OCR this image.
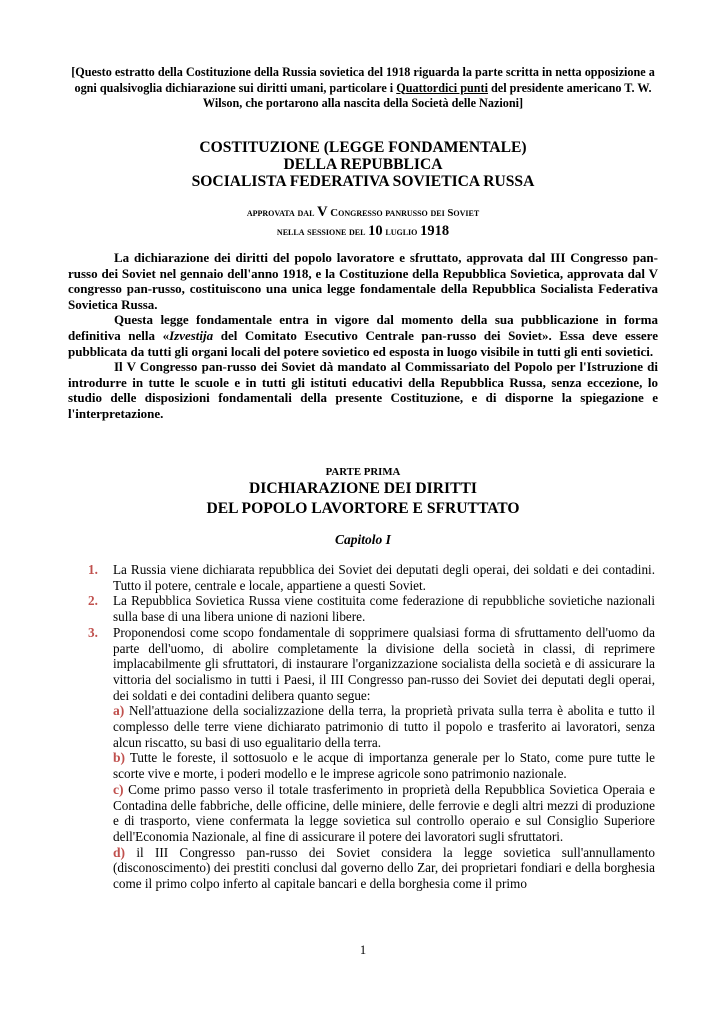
[Questo estratto della Costituzione della Russia sovietica del 1918 riguarda la parte scritta in netta opposizione a ogni qualsivoglia dichiarazione sui diritti umani, particolare i Quattordici punti del presidente americano T. W. Wilson, che portarono alla nascita della Società delle Nazioni]
COSTITUZIONE (LEGGE FONDAMENTALE)
DELLA REPUBBLICA
SOCIALISTA FEDERATIVA SOVIETICA RUSSA
approvata dal V Congresso panrusso dei Soviet
nella sessione del 10 luglio 1918

La dichiarazione dei diritti del popolo lavoratore e sfruttato, approvata dal III Congresso pan-russo dei Soviet nel gennaio dell'anno 1918, e la Costituzione della Repubblica Sovietica, approvata dal V congresso pan-russo, costituiscono una unica legge fondamentale della Repubblica Socialista Federativa Sovietica Russa.

Questa legge fondamentale entra in vigore dal momento della sua pubblicazione in forma definitiva nella «Izvestija del Comitato Esecutivo Centrale pan-russo dei Soviet». Essa deve essere pubblicata da tutti gli organi locali del potere sovietico ed esposta in luogo visibile in tutti gli enti sovietici.

Il V Congresso pan-russo dei Soviet dà mandato al Commissariato del Popolo per l'Istruzione di introdurre in tutte le scuole e in tutti gli istituti educativi della Repubblica Russa, senza eccezione, lo studio delle disposizioni fondamentali della presente Costituzione, e di disporne la spiegazione e l'interpretazione.

PARTE PRIMA
DICHIARAZIONE DEI DIRITTI
DEL POPOLO LAVORTORE E SFRUTTATO
Capitolo I
1. La Russia viene dichiarata repubblica dei Soviet dei deputati degli operai, dei soldati e dei contadini. Tutto il potere, centrale e locale, appartiene a questi Soviet.
2. La Repubblica Sovietica Russa viene costituita come federazione di repubbliche sovietiche nazionali sulla base di una libera unione di nazioni libere.
3. Proponendosi come scopo fondamentale di sopprimere qualsiasi forma di sfruttamento dell'uomo da parte dell'uomo, di abolire completamente la divisione della società in classi, di reprimere implacabilmente gli sfruttatori, di instaurare l'organizzazione socialista della società e di assicurare la vittoria del socialismo in tutti i Paesi, il III Congresso pan-russo dei Soviet dei deputati degli operai, dei soldati e dei contadini delibera quanto segue:

a) Nell'attuazione della socializzazione della terra, la proprietà privata sulla terra è abolita e tutto il complesso delle terre viene dichiarato patrimonio di tutto il popolo e trasferito ai lavoratori, senza alcun riscatto, su basi di uso egualitario della terra.

b) Tutte le foreste, il sottosuolo e le acque di importanza generale per lo Stato, come pure tutte le scorte vive e morte, i poderi modello e le imprese agricole sono patrimonio nazionale.

c) Come primo passo verso il totale trasferimento in proprietà della Repubblica Sovietica Operaia e Contadina delle fabbriche, delle officine, delle miniere, delle ferrovie e degli altri mezzi di produzione e di trasporto, viene confermata la legge sovietica sul controllo operaio e sul Consiglio Superiore dell'Economia Nazionale, al fine di assicurare il potere dei lavoratori sugli sfruttatori.

d) il III Congresso pan-russo dei Soviet considera la legge sovietica sull'annullamento (disconoscimento) dei prestiti conclusi dal governo dello Zar, dei proprietari fondiari e della borghesia come il primo colpo inferto al capitale bancari e della borghesia come il primo

1
